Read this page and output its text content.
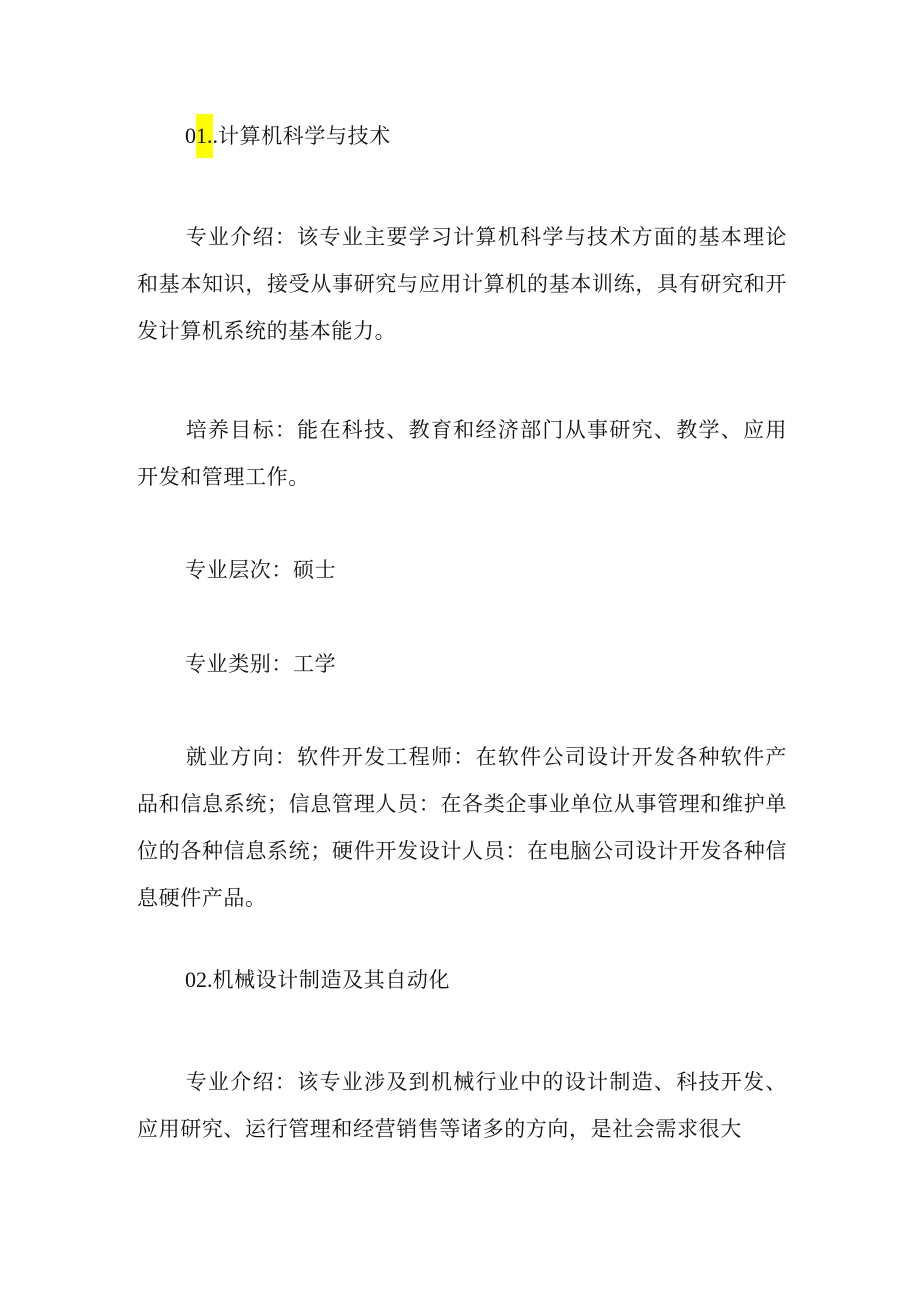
01..计算机科学与技术
专业介绍：该专业主要学习计算机科学与技术方面的基本理论和基本知识，接受从事研究与应用计算机的基本训练，具有研究和开发计算机系统的基本能力。
培养目标：能在科技、教育和经济部门从事研究、教学、应用开发和管理工作。
专业层次：硕士
专业类别：工学
就业方向：软件开发工程师：在软件公司设计开发各种软件产品和信息系统；信息管理人员：在各类企事业单位从事管理和维护单位的各种信息系统；硬件开发设计人员：在电脑公司设计开发各种信息硬件产品。
02.机械设计制造及其自动化
专业介绍：该专业涉及到机械行业中的设计制造、科技开发、应用研究、运行管理和经营销售等诸多的方向，是社会需求很大
